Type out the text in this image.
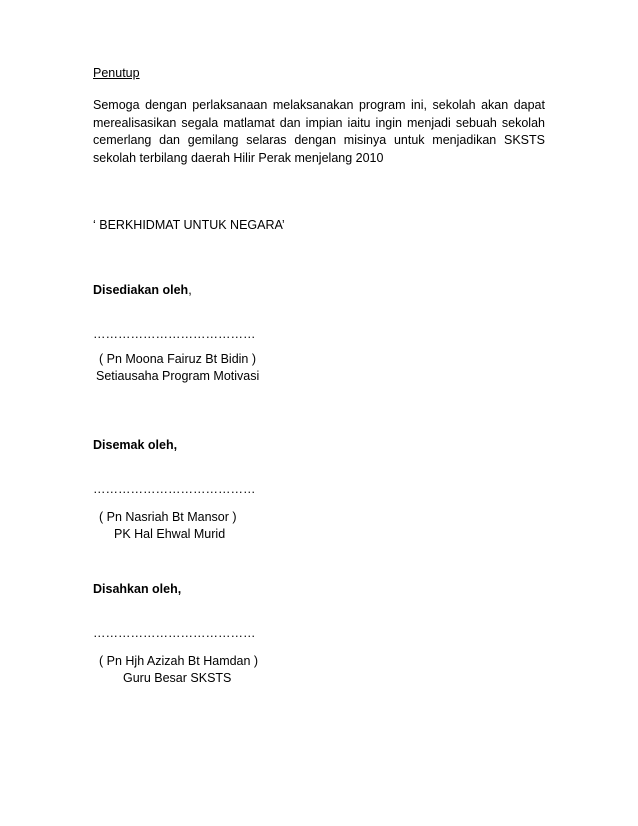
Penutup
Semoga dengan perlaksanaan melaksanakan program ini, sekolah akan dapat merealisasikan segala matlamat dan impian iaitu ingin menjadi sebuah sekolah cemerlang dan gemilang selaras dengan misinya untuk menjadikan SKSTS sekolah terbilang daerah Hilir Perak menjelang 2010
‘ BERKHIDMAT UNTUK NEGARA’
Disediakan oleh,
…………………………………
( Pn Moona Fairuz Bt Bidin )
Setiausaha Program Motivasi
Disemak oleh,
…………………………………
( Pn Nasriah Bt Mansor )
PK Hal Ehwal Murid
Disahkan oleh,
…………………………………
( Pn Hjh Azizah Bt Hamdan )
Guru Besar SKSTS
